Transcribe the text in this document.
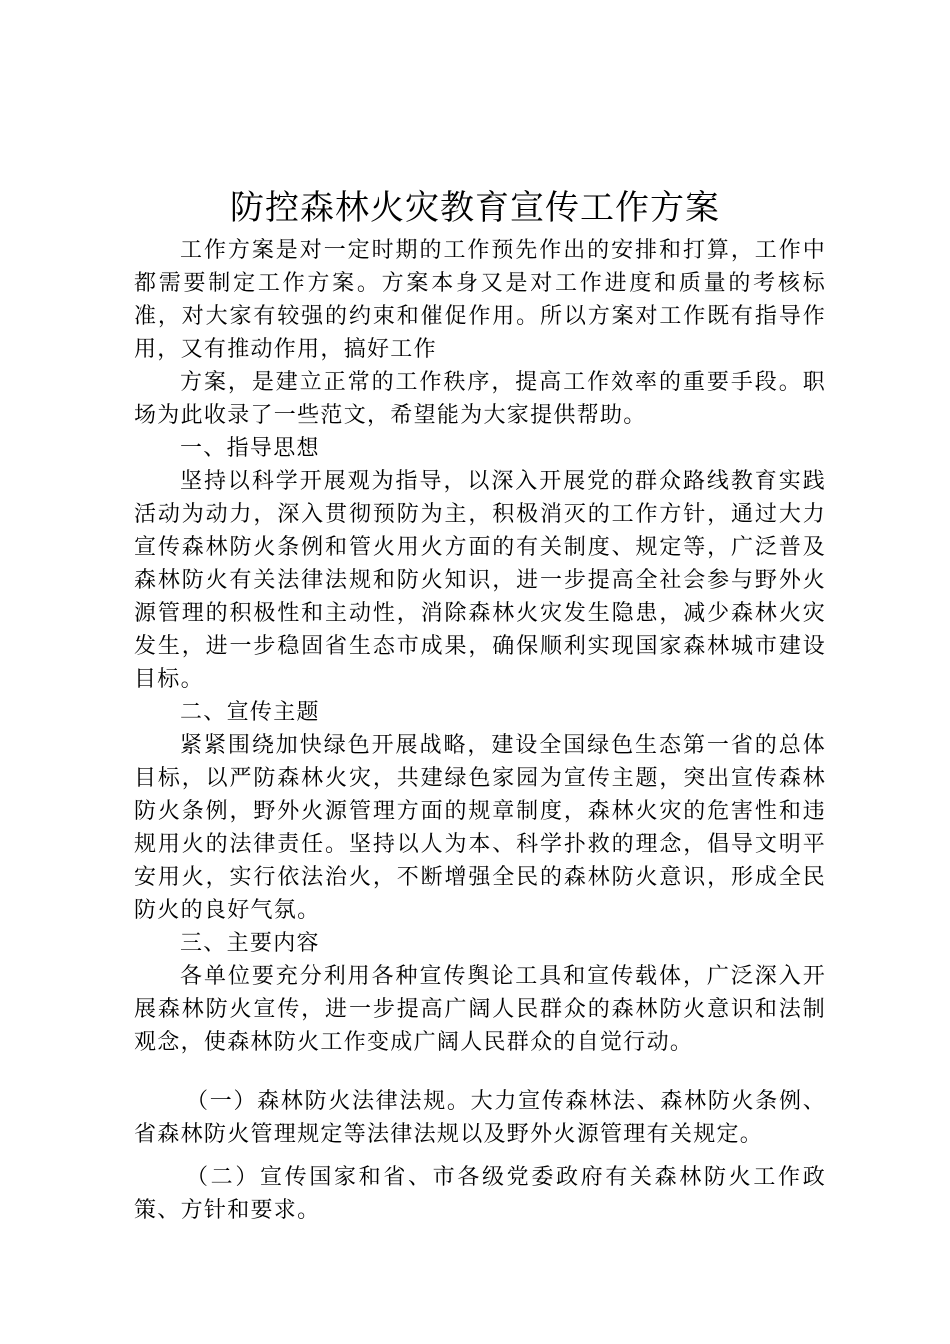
防控森林火灾教育宣传工作方案

工作方案是对一定时期的工作预先作出的安排和打算，工作中都需要制定工作方案。方案本身又是对工作进度和质量的考核标准，对大家有较强的约束和催促作用。所以方案对工作既有指导作用，又有推动作用，搞好工作

方案，是建立正常的工作秩序，提高工作效率的重要手段。职场为此收录了一些范文，希望能为大家提供帮助。

一、指导思想

坚持以科学开展观为指导，以深入开展党的群众路线教育实践活动为动力，深入贯彻预防为主，积极消灭的工作方针，通过大力宣传森林防火条例和管火用火方面的有关制度、规定等，广泛普及森林防火有关法律法规和防火知识，进一步提高全社会参与野外火源管理的积极性和主动性，消除森林火灾发生隐患，减少森林火灾发生，进一步稳固省生态市成果，确保顺利实现国家森林城市建设目标。

二、宣传主题

紧紧围绕加快绿色开展战略，建设全国绿色生态第一省的总体目标，以严防森林火灾，共建绿色家园为宣传主题，突出宣传森林防火条例，野外火源管理方面的规章制度，森林火灾的危害性和违规用火的法律责任。坚持以人为本、科学扑救的理念，倡导文明平安用火，实行依法治火，不断增强全民的森林防火意识，形成全民防火的良好气氛。

三、主要内容

各单位要充分利用各种宣传舆论工具和宣传载体，广泛深入开展森林防火宣传，进一步提高广阔人民群众的森林防火意识和法制观念，使森林防火工作变成广阔人民群众的自觉行动。

（一）森林防火法律法规。大力宣传森林法、森林防火条例、省森林防火管理规定等法律法规以及野外火源管理有关规定。

（二）宣传国家和省、市各级党委政府有关森林防火工作政策、方针和要求。
